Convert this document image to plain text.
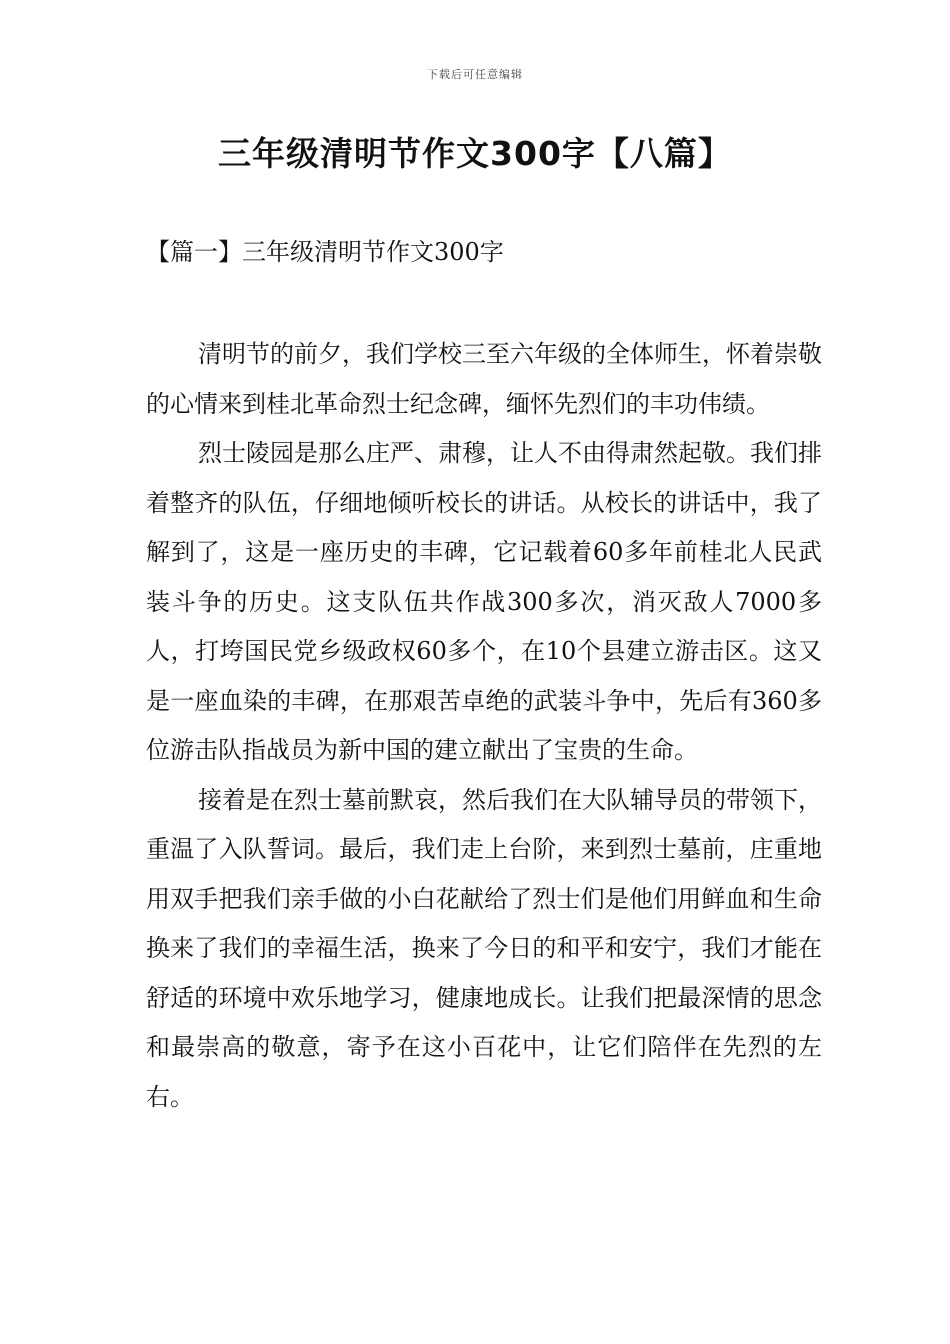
下载后可任意编辑
三年级清明节作文300字【八篇】
【篇一】三年级清明节作文300字

清明节的前夕，我们学校三至六年级的全体师生，怀着崇敬的心情来到桂北革命烈士纪念碑，缅怀先烈们的丰功伟绩。

烈士陵园是那么庄严、肃穆，让人不由得肃然起敬。我们排着整齐的队伍，仔细地倾听校长的讲话。从校长的讲话中，我了解到了，这是一座历史的丰碑，它记载着60多年前桂北人民武装斗争的历史。这支队伍共作战300多次，消灭敌人7000多人，打垮国民党乡级政权60多个，在10个县建立游击区。这又是一座血染的丰碑，在那艰苦卓绝的武装斗争中，先后有360多位游击队指战员为新中国的建立献出了宝贵的生命。

接着是在烈士墓前默哀，然后我们在大队辅导员的带领下，重温了入队誓词。最后，我们走上台阶，来到烈士墓前，庄重地用双手把我们亲手做的小白花献给了烈士们是他们用鲜血和生命换来了我们的幸福生活，换来了今日的和平和安宁，我们才能在舒适的环境中欢乐地学习，健康地成长。让我们把最深情的思念和最崇高的敬意，寄予在这小百花中，让它们陪伴在先烈的左右。
